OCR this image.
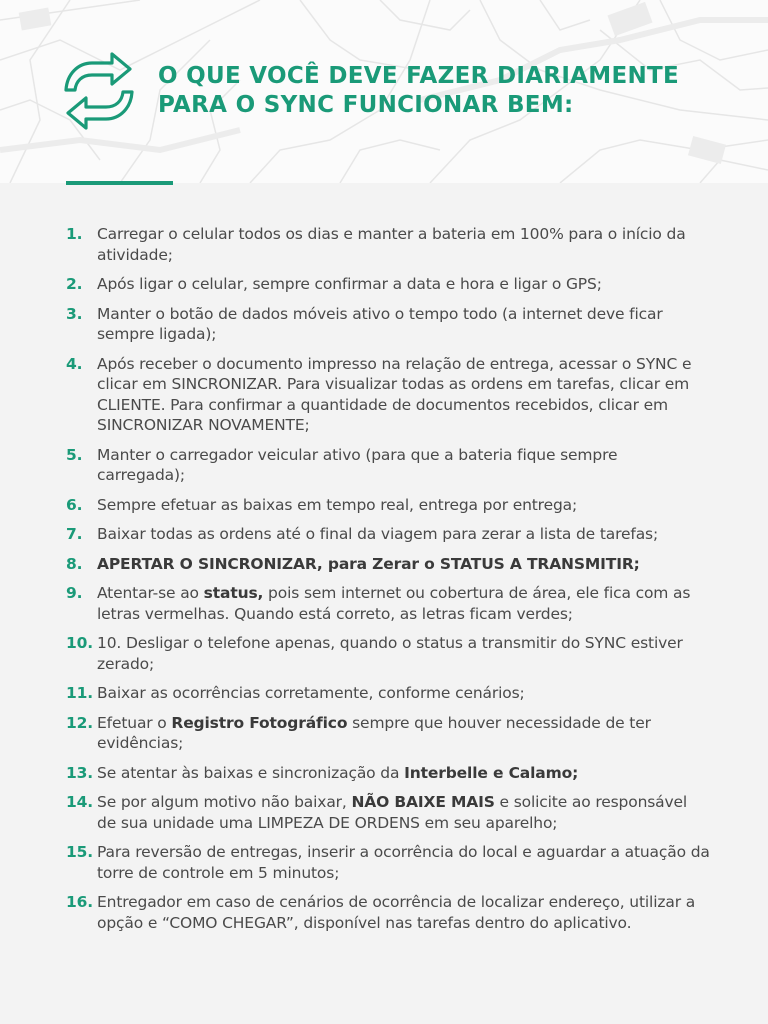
O QUE VOCÊ DEVE FAZER DIARIAMENTE
PARA O SYNC FUNCIONAR BEM:
1. Carregar o celular todos os dias e manter a bateria em 100% para o início da atividade;
2. Após ligar o celular, sempre confirmar a data e hora e ligar o GPS;
3. Manter o botão de dados móveis ativo o tempo todo (a internet deve ficar sempre ligada);
4. Após receber o documento impresso na relação de entrega, acessar o SYNC e clicar em SINCRONIZAR. Para visualizar todas as ordens em tarefas, clicar em CLIENTE. Para confirmar a quantidade de documentos recebidos, clicar em SINCRONIZAR NOVAMENTE;
5. Manter o carregador veicular ativo (para que a bateria fique sempre carregada);
6. Sempre efetuar as baixas em tempo real, entrega por entrega;
7. Baixar todas as ordens até o final da viagem para zerar a lista de tarefas;
8. APERTAR O SINCRONIZAR, para Zerar o STATUS A TRANSMITIR;
9. Atentar-se ao status, pois sem internet ou cobertura de área, ele fica com as letras vermelhas. Quando está correto, as letras ficam verdes;
10. 10. Desligar o telefone apenas, quando o status a transmitir do SYNC estiver zerado;
11. Baixar as ocorrências corretamente, conforme cenários;
12. Efetuar o Registro Fotográfico sempre que houver necessidade de ter evidências;
13. Se atentar às baixas e sincronização da Interbelle e Calamo;
14. Se por algum motivo não baixar, NÃO BAIXE MAIS e solicite ao responsável de sua unidade uma LIMPEZA DE ORDENS em seu aparelho;
15. Para reversão de entregas, inserir a ocorrência do local e aguardar a atuação da torre de controle em 5 minutos;
16. Entregador em caso de cenários de ocorrência de localizar endereço, utilizar a opção e “COMO CHEGAR”, disponível nas tarefas dentro do aplicativo.
